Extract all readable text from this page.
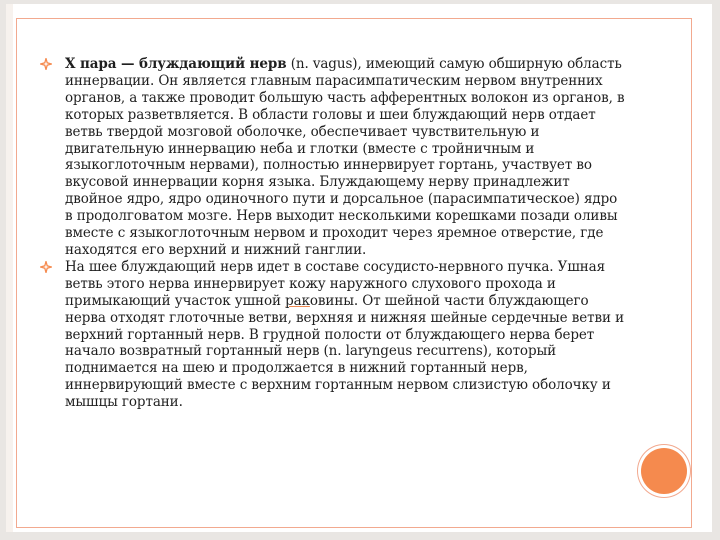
X пара — блуждающий нерв (n. vagus), имеющий самую обширную область иннервации. Он является главным парасимпатическим нервом внутренних органов, а также проводит большую часть афферентных волокон из органов, в которых разветвляется. В области головы и шеи блуждающий нерв отдает ветвь твердой мозговой оболочке, обеспечивает чувствительную и двигательную иннервацию неба и глотки (вместе с тройничным и языкоглоточным нервами), полностью иннервирует гортань, участвует во вкусовой иннервации корня языка. Блуждающему нерву принадлежит двойное ядро, ядро одиночного пути и дорсальное (парасимпатическое) ядро в продолговатом мозге. Нерв выходит несколькими корешками позади оливы вместе с языкоглоточным нервом и проходит через яремное отверстие, где находятся его верхний и нижний ганглии.
На шее блуждающий нерв идет в составе сосудисто-нервного пучка. Ушная ветвь этого нерва иннервирует кожу наружного слухового прохода и примыкающий участок ушной раковины. От шейной части блуждающего нерва отходят глоточные ветви, верхняя и нижняя шейные сердечные ветви и верхний гортанный нерв. В грудной полости от блуждающего нерва берет начало возвратный гортанный нерв (n. laryngeus recurrens), который поднимается на шею и продолжается в нижний гортанный нерв, иннервирующий вместе с верхним гортанным нервом слизистую оболочку и мышцы гортани.
